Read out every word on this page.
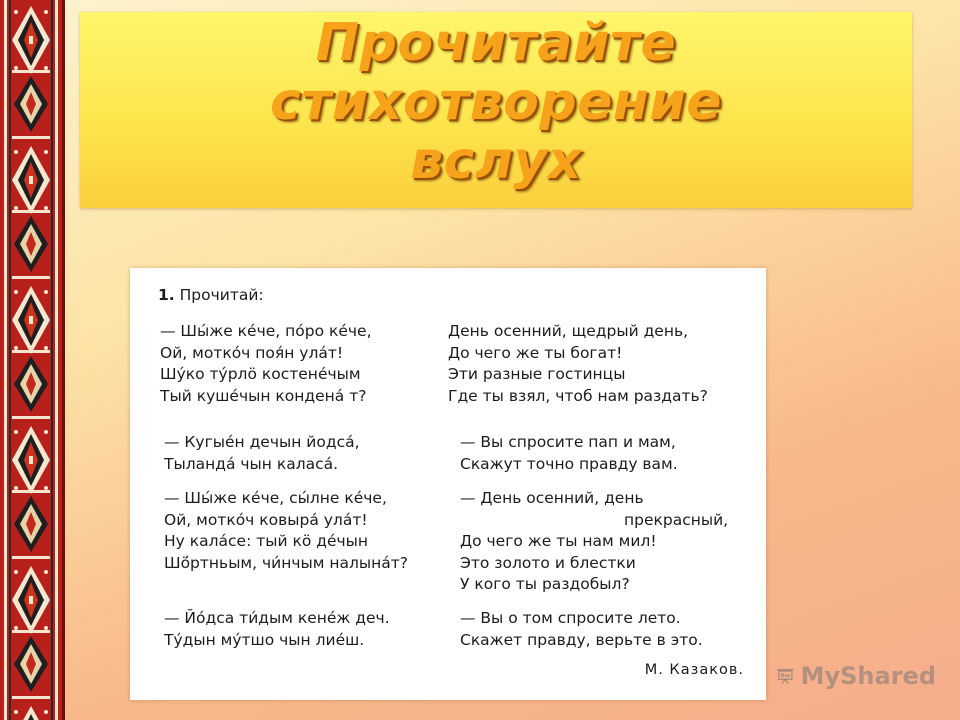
Прочитайте
стихотворение
вслух
1. Прочитай:
— Шы́же ке́че, по́ро ке́че,
Ой, мотко́ч поя́н ула́т!
Шу́ко ту́рлӧ костене́чым
Тый куше́чын конденá т?
День осенний, щедрый день,
До чего же ты богат!
Эти разные гостинцы
Где ты взял, чтоб нам раздать?
— Кугые́н дечын йодса́,
Тыланда́ чын каласа́.
— Вы спросите пап и мам,
Скажут точно правду вам.
— Шы́же ке́че, сы́лне ке́че,
Ой, мотко́ч ковыра́ ула́т!
Ну кала́се: тый кӧ де́чын
Шӧ́ртньым, чи́нчым налына́т?
— День осенний, день
прекрасный,
До чего же ты нам мил!
Это золото и блестки
У кого ты раздобыл?
— Йо́дса ти́дым кене́ж деч.
Ту́дын му́тшо чын лие́ш.
— Вы о том спросите лето.
Скажет правду, верьте в это.
М. Казаков. MyShared
